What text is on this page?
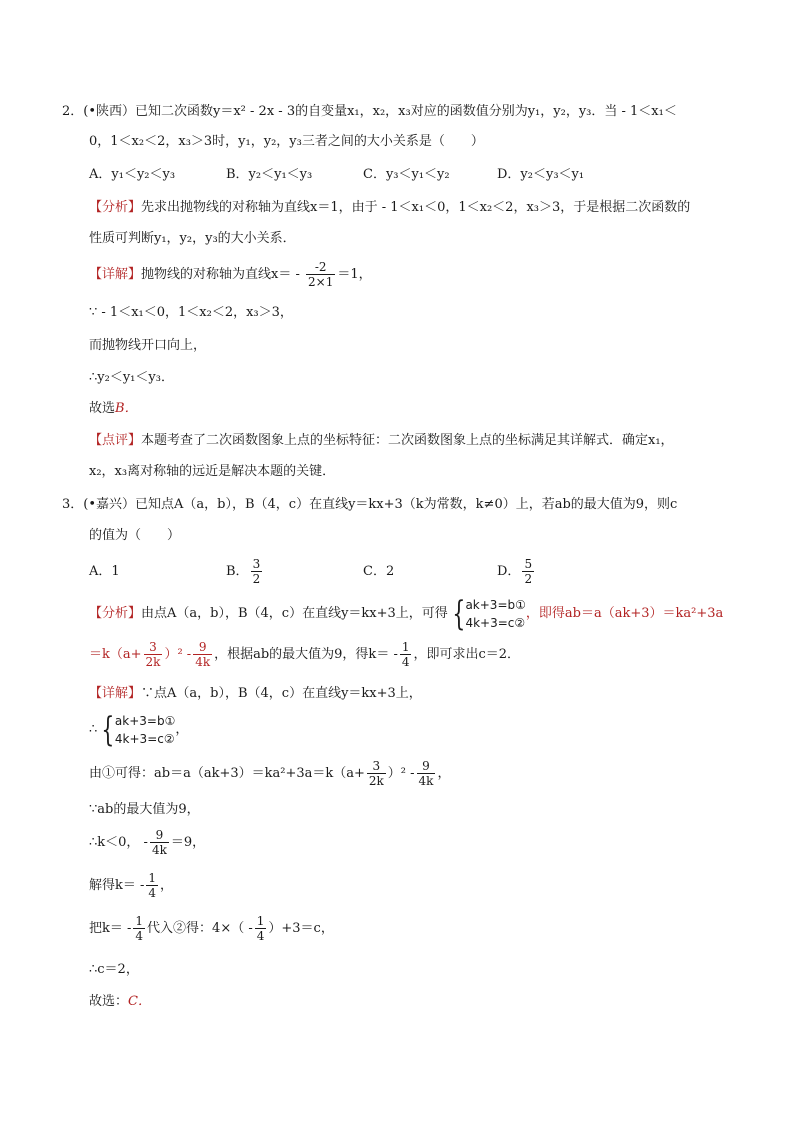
2．(•陕西）已知二次函数y＝x² - 2x - 3的自变量x₁，x₂，x₃对应的函数值分别为y₁，y₂，y₃．当 - 1＜x₁＜
0，1＜x₂＜2，x₃＞3时，y₁，y₂，y₃三者之间的大小关系是（　　）
A．y₁＜y₂＜y₃	B．y₂＜y₁＜y₃	C．y₃＜y₁＜y₂	D．y₂＜y₃＜y₁
【分析】先求出抛物线的对称轴为直线x＝1，由于 - 1＜x₁＜0，1＜x₂＜2，x₃＞3，于是根据二次函数的
性质可判断y₁，y₂，y₃的大小关系．
【详解】抛物线的对称轴为直线$x= - \frac{-2}{2\times 1} =1$，
∵ - 1＜x₁＜0，1＜x₂＜2，x₃＞3，
而抛物线开口向上，
∴y₂＜y₁＜y₃．
故选B．
【点评】本题考查了二次函数图象上点的坐标特征：二次函数图象上点的坐标满足其详解式．确定x₁，
x₂，x₃离对称轴的远近是解决本题的关键．
3．(•嘉兴）已知点A（a，b），B（4，c）在直线y＝kx+3（k为常数，k≠0）上，若ab的最大值为9，则c
的值为（　　）
A．1	B． $\frac{3}{2}$	C．2	D． $\frac{5}{2}$
【分析】由点A（a，b），B（4，c）在直线y＝kx+3上，可得 { ak+3=b①
4k+3=c②
，即得ab＝a（ak+3）＝ka²+3a
$=k(a+ \frac{3}{2k} )^2 - \frac{9}{4k}$ ，根据ab的最大值为9，得$k= - \frac{1}{4}$ ，即可求出c＝2．
【详解】∵点A（a，b），B（4，c）在直线y＝kx+3上，
∴ { ak+3=b①
4k+3=c②
，
由①可得：$ab=a(ak+3)=ka^2+3a=k(a+ \frac{3}{2k} )^2 - \frac{9}{4k}$ ，
∵ab的最大值为9，
∴k＜0， - $\frac{9}{4k} =9$，
解得$k= - \frac{1}{4}$ ，
把$k= - \frac{1}{4}$ 代入②得：$4\times( - \frac{1}{4} )+3=c$，
∴c＝2，
故选：C．
